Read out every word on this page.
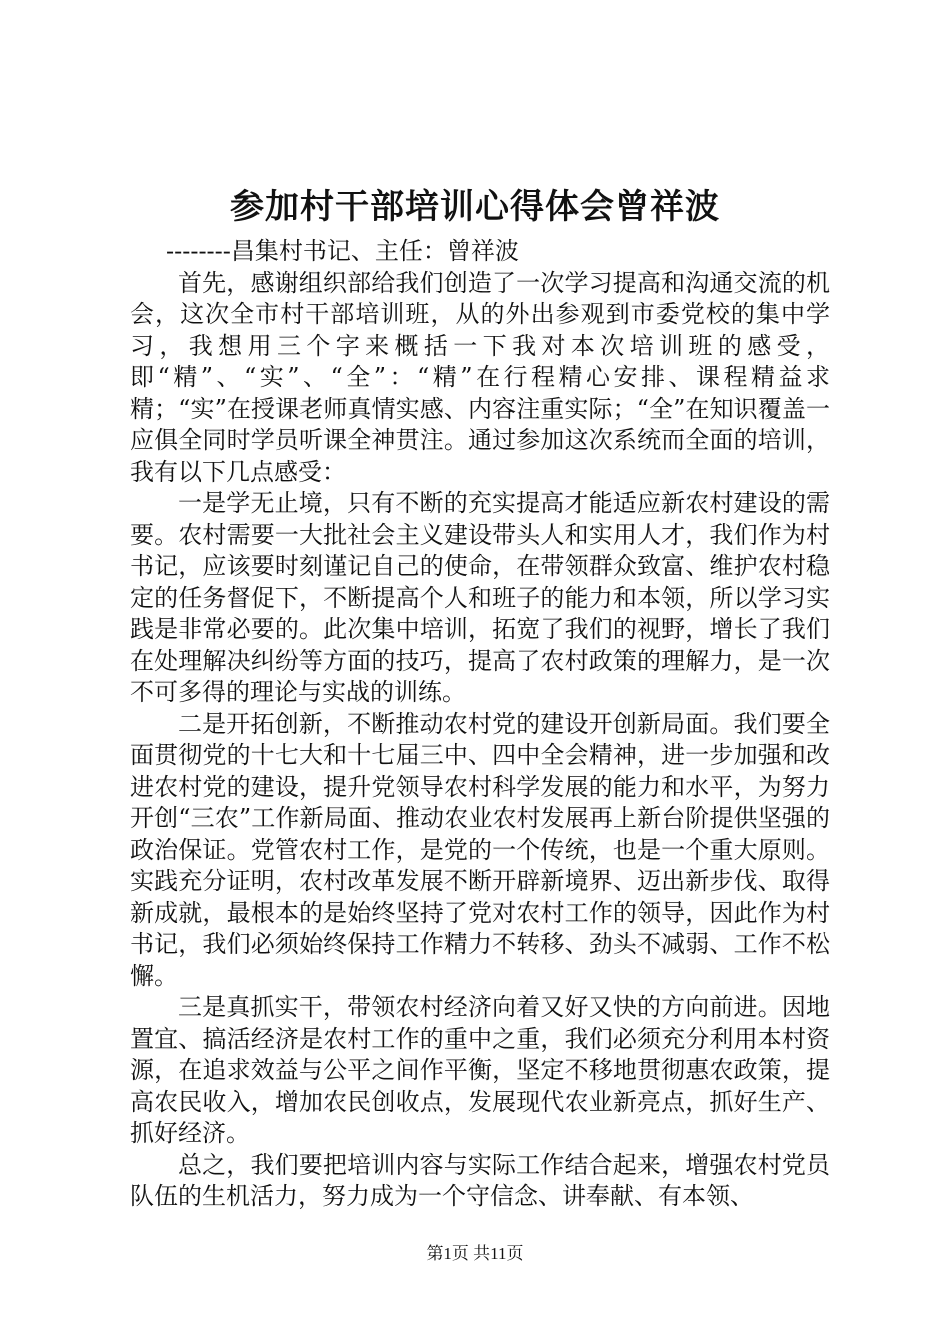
参加村干部培训心得体会曾祥波

--------昌集村书记、主任：曾祥波

首先，感谢组织部给我们创造了一次学习提高和沟通交流的机会，这次全市村干部培训班，从的外出参观到市委党校的集中学习，我想用三个字来概括一下我对本次培训班的感受，即“精”、“实”、“全”：“精”在行程精心安排、课程精益求精；“实”在授课老师真情实感、内容注重实际；“全”在知识覆盖一应俱全同时学员听课全神贯注。通过参加这次系统而全面的培训，我有以下几点感受：

一是学无止境，只有不断的充实提高才能适应新农村建设的需要。农村需要一大批社会主义建设带头人和实用人才，我们作为村书记，应该要时刻谨记自己的使命，在带领群众致富、维护农村稳定的任务督促下，不断提高个人和班子的能力和本领，所以学习实践是非常必要的。此次集中培训，拓宽了我们的视野，增长了我们在处理解决纠纷等方面的技巧，提高了农村政策的理解力，是一次不可多得的理论与实战的训练。

二是开拓创新，不断推动农村党的建设开创新局面。我们要全面贯彻党的十七大和十七届三中、四中全会精神，进一步加强和改进农村党的建设，提升党领导农村科学发展的能力和水平，为努力开创“三农”工作新局面、推动农业农村发展再上新台阶提供坚强的政治保证。党管农村工作，是党的一个传统，也是一个重大原则。实践充分证明，农村改革发展不断开辟新境界、迈出新步伐、取得新成就，最根本的是始终坚持了党对农村工作的领导，因此作为村书记，我们必须始终保持工作精力不转移、劲头不减弱、工作不松懈。

三是真抓实干，带领农村经济向着又好又快的方向前进。因地置宜、搞活经济是农村工作的重中之重，我们必须充分利用本村资源，在追求效益与公平之间作平衡，坚定不移地贯彻惠农政策，提高农民收入，增加农民创收点，发展现代农业新亮点，抓好生产、抓好经济。

总之，我们要把培训内容与实际工作结合起来，增强农村党员队伍的生机活力，努力成为一个守信念、讲奉献、有本领、

第1页 共11页
